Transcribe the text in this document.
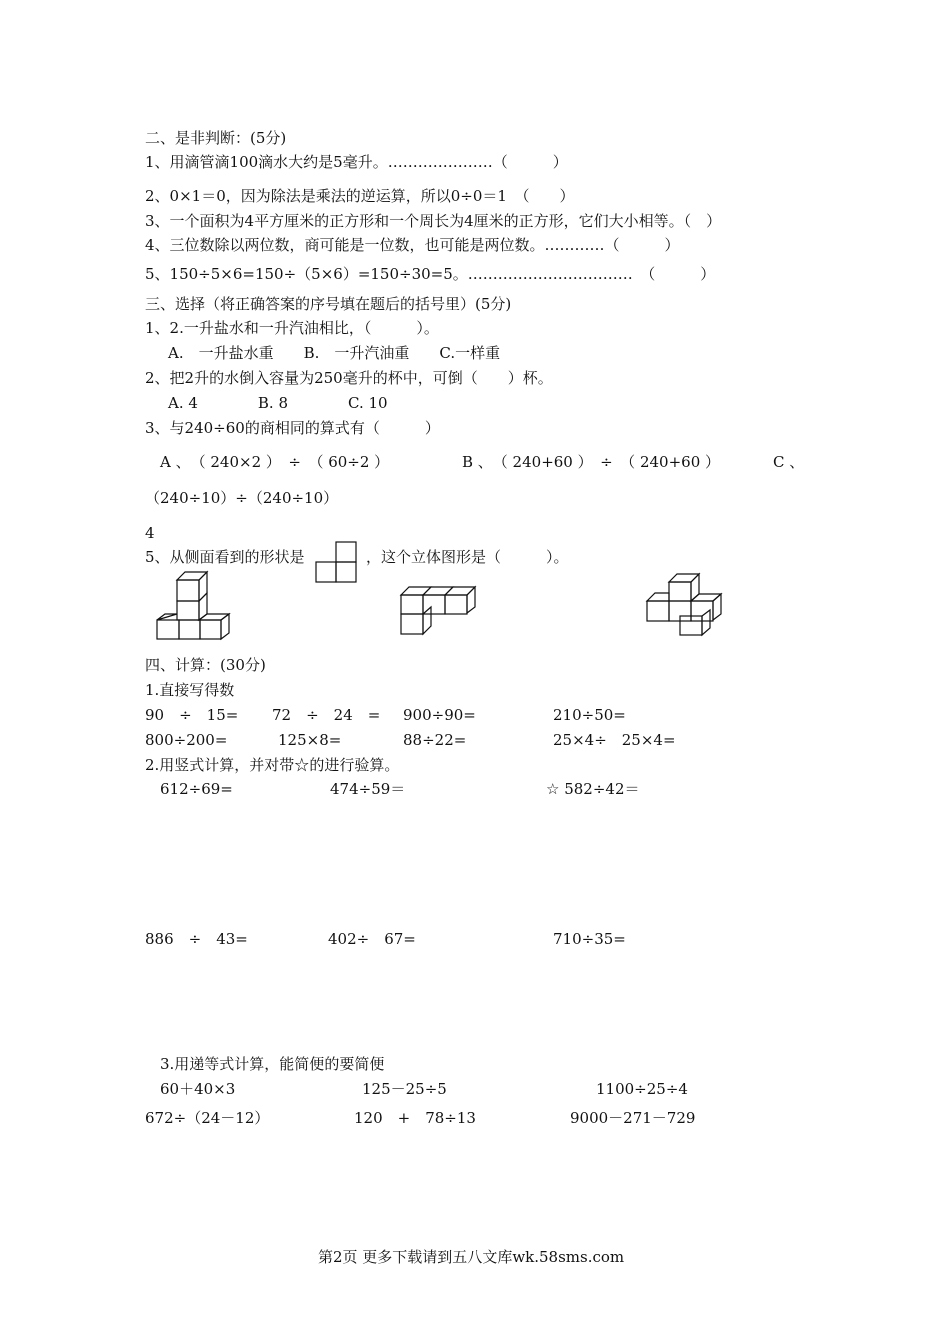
二、是非判断：(5分)
1、用滴管滴100滴水大约是5毫升。…………………（　　　）
2、0×1＝0，因为除法是乘法的逆运算，所以0÷0＝1　（　　）
3、一个面积为4平方厘米的正方形和一个周长为4厘米的正方形，它们大小相等。（　）
4、三位数除以两位数，商可能是一位数，也可能是两位数。…………（　　　）
5、150÷5×6=150÷（5×6）=150÷30=5。……………………………　（　　　）
三、选择（将正确答案的序号填在题后的括号里）(5分)
1、2.一升盐水和一升汽油相比，（　　　）。
A.　一升盐水重　　B.　一升汽油重　　C.一样重
2、把2升的水倒入容量为250毫升的杯中，可倒（　　）杯。
A. 4　　　　B. 8　　　　C. 10
3、与240÷60的商相同的算式有（　　　）
A 、　（ 240×2 ）　÷　（ 60÷2 ）	B 、　（ 240+60 ）　÷　（ 240+60 ）	C 、
（240÷10）÷（240÷10）
4
5、从侧面看到的形状是	，这个立体图形是（　　　）。
四、计算：(30分)
1.直接写得数
90　÷　15= 72　÷　24　= 900÷90=	210÷50=
800÷200=	125×8=	88÷22=	25×4÷　25×4=
2.用竖式计算，并对带☆的进行验算。
612÷69=	474÷59＝	☆ 582÷42＝
886　÷　43=	402÷　67=	710÷35=
3.用递等式计算，能简便的要简便
60＋40×3	125－25÷5	1100÷25÷4
672÷（24－12）	120　+　78÷13	9000－271－729
第2页 更多下载请到五八文库wk.58sms.com
